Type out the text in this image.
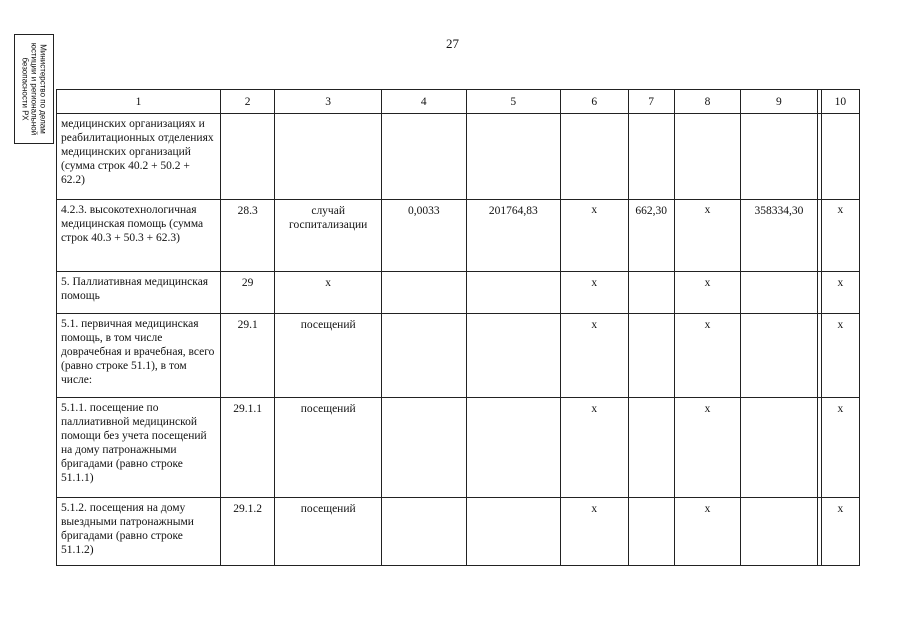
27
Министерство по делам юстиции и региональной безопасности РХ	1	2	3	4	5	6	7	8	9		10
медицинских организациях и реабилитационных отделениях медицинских организаций (сумма строк 40.2 + 50.2 + 62.2)										
4.2.3. высокотехнологичная медицинская помощь (сумма строк 40.3 + 50.3 + 62.3)	28.3	случай госпитализации	0,0033	201764,83	х	662,30	х	358334,30		х
5. Паллиативная медицинская помощь	29	х			х		х			х
5.1. первичная медицинская помощь, в том числе доврачебная и врачебная, всего (равно строке 51.1), в том числе:	29.1	посещений			х		х			х
5.1.1. посещение по паллиативной медицинской помощи без учета посещений на дому патронажными бригадами (равно строке 51.1.1)	29.1.1	посещений			х		х			х
5.1.2. посещения на дому выездными патронажными бригадами (равно строке 51.1.2)	29.1.2	посещений			х		х			х
